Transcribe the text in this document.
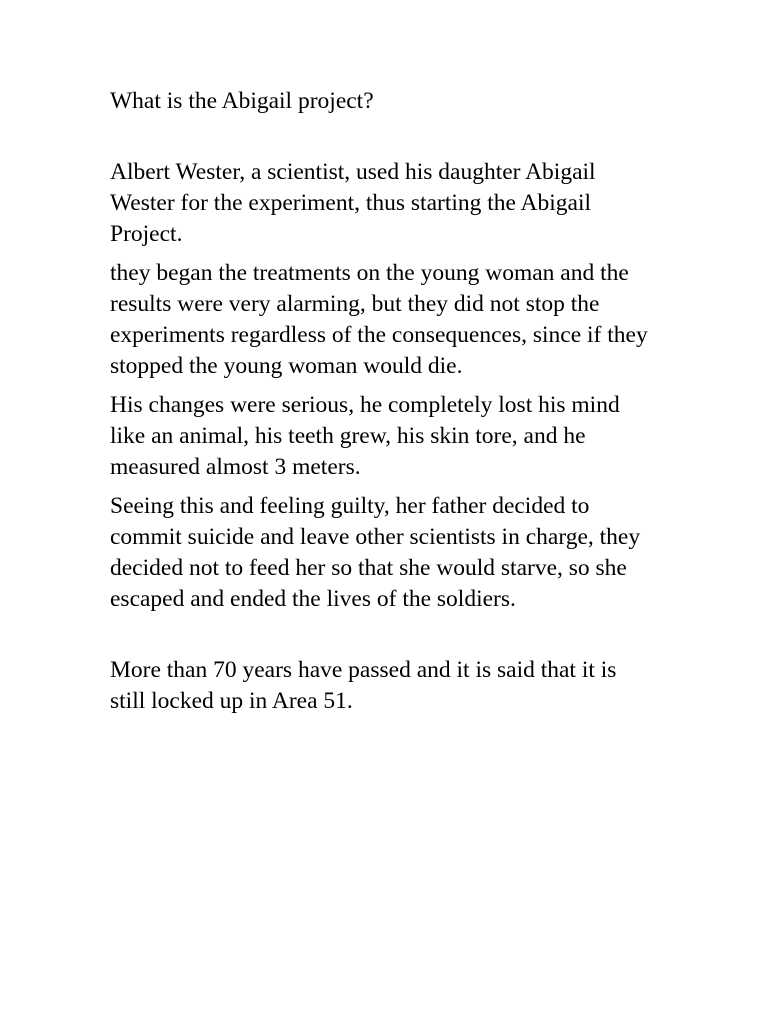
What is the Abigail project?

Albert Wester, a scientist, used his daughter Abigail Wester for the experiment, thus starting the Abigail Project.

they began the treatments on the young woman and the results were very alarming, but they did not stop the experiments regardless of the consequences, since if they stopped the young woman would die.

His changes were serious, he completely lost his mind like an animal, his teeth grew, his skin tore, and he measured almost 3 meters.

Seeing this and feeling guilty, her father decided to commit suicide and leave other scientists in charge, they decided not to feed her so that she would starve, so she escaped and ended the lives of the soldiers.

More than 70 years have passed and it is said that it is still locked up in Area 51.
